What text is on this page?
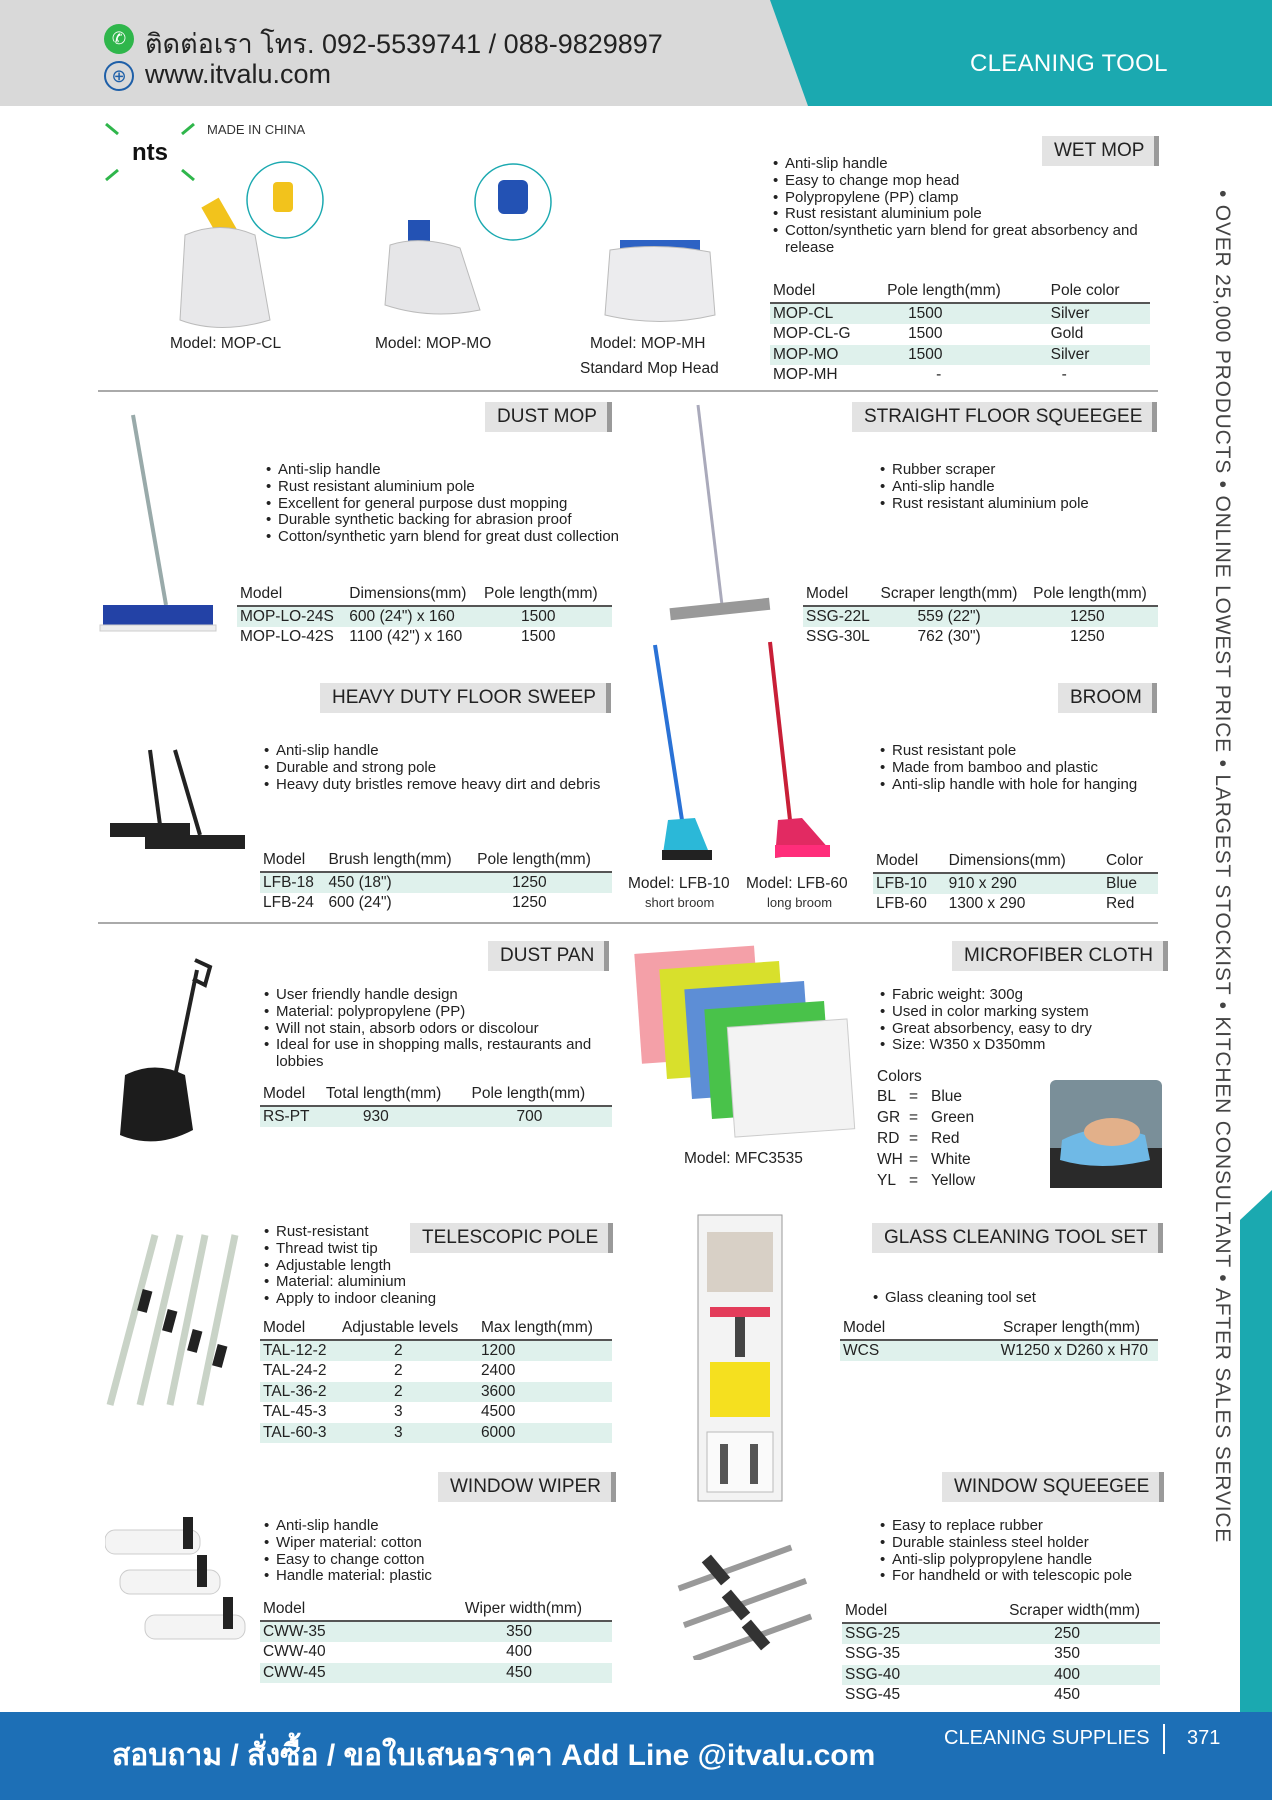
✆ ติดต่อเรา โทร. 092-5539741 / 088-9829897
⊕ www.itvalu.com	CLEANING TOOL
• OVER 25,000 PRODUCTS • ONLINE LOWEST PRICE • LARGEST STOCKIST • KITCHEN CONSULTANT • AFTER SALES SERVICE
nts
MADE IN CHINA
Model: MOP-CL	Model: MOP-MO	Model: MOP-MH
Standard Mop Head
WET MOP
• Anti-slip handle
• Easy to change mop head
• Polypropylene (PP) clamp
• Rust resistant aluminium pole
• Cotton/synthetic yarn blend for great absorbency and release
Model	Pole length(mm)	Pole color
MOP-CL	1500	Silver
MOP-CL-G	1500	Gold
MOP-MO	1500	Silver
MOP-MH	-	-
DUST MOP
• Anti-slip handle
• Rust resistant aluminium pole
• Excellent for general purpose dust mopping
• Durable synthetic backing for abrasion proof
• Cotton/synthetic yarn blend for great dust collection
Model	Dimensions(mm)	Pole length(mm)
MOP-LO-24S	600 (24") x 160	1500
MOP-LO-42S	1100 (42") x 160	1500
STRAIGHT FLOOR SQUEEGEE
• Rubber scraper
• Anti-slip handle
• Rust resistant aluminium pole
Model	Scraper length(mm)	Pole length(mm)
SSG-22L	559 (22")	1250
SSG-30L	762 (30")	1250
HEAVY DUTY FLOOR SWEEP
• Anti-slip handle
• Durable and strong pole
• Heavy duty bristles remove heavy dirt and debris
Model	Brush length(mm)	Pole length(mm)
LFB-18	450 (18")	1250
LFB-24	600 (24")	1250
Model: LFB-10
short broom
Model: LFB-60
long broom
BROOM
• Rust resistant pole
• Made from bamboo and plastic
• Anti-slip handle with hole for hanging
Model	Dimensions(mm)	Color
LFB-10	910 x 290	Blue
LFB-60	1300 x 290	Red
DUST PAN
• User friendly handle design
• Material: polypropylene (PP)
• Will not stain, absorb odors or discolour
• Ideal for use in shopping malls, restaurants and lobbies
Model	Total length(mm)	Pole length(mm)
RS-PT	930	700
Model: MFC3535
MICROFIBER CLOTH
• Fabric weight: 300g
• Used in color marking system
• Great absorbency, easy to dry
• Size: W350 x D350mm
Colors
BL = Blue
GR = Green
RD = Red
WH = White
YL = Yellow
TELESCOPIC POLE
• Rust-resistant
• Thread twist tip
• Adjustable length
• Material: aluminium
• Apply to indoor cleaning
Model	Adjustable levels	Max length(mm)
TAL-12-2	2	1200
TAL-24-2	2	2400
TAL-36-2	2	3600
TAL-45-3	3	4500
TAL-60-3	3	6000
GLASS CLEANING TOOL SET
• Glass cleaning tool set
Model	Scraper length(mm)
WCS	W1250 x D260 x H70
WINDOW WIPER
• Anti-slip handle
• Wiper material: cotton
• Easy to change cotton
• Handle material: plastic
Model	Wiper width(mm)
CWW-35	350
CWW-40	400
CWW-45	450
WINDOW SQUEEGEE
• Easy to replace rubber
• Durable stainless steel holder
• Anti-slip polypropylene handle
• For handheld or with telescopic pole
Model	Scraper width(mm)
SSG-25	250
SSG-35	350
SSG-40	400
SSG-45	450
สอบถาม / สั่งซื้อ / ขอใบเสนอราคา Add Line @itvalu.com
CLEANING SUPPLIES 371
